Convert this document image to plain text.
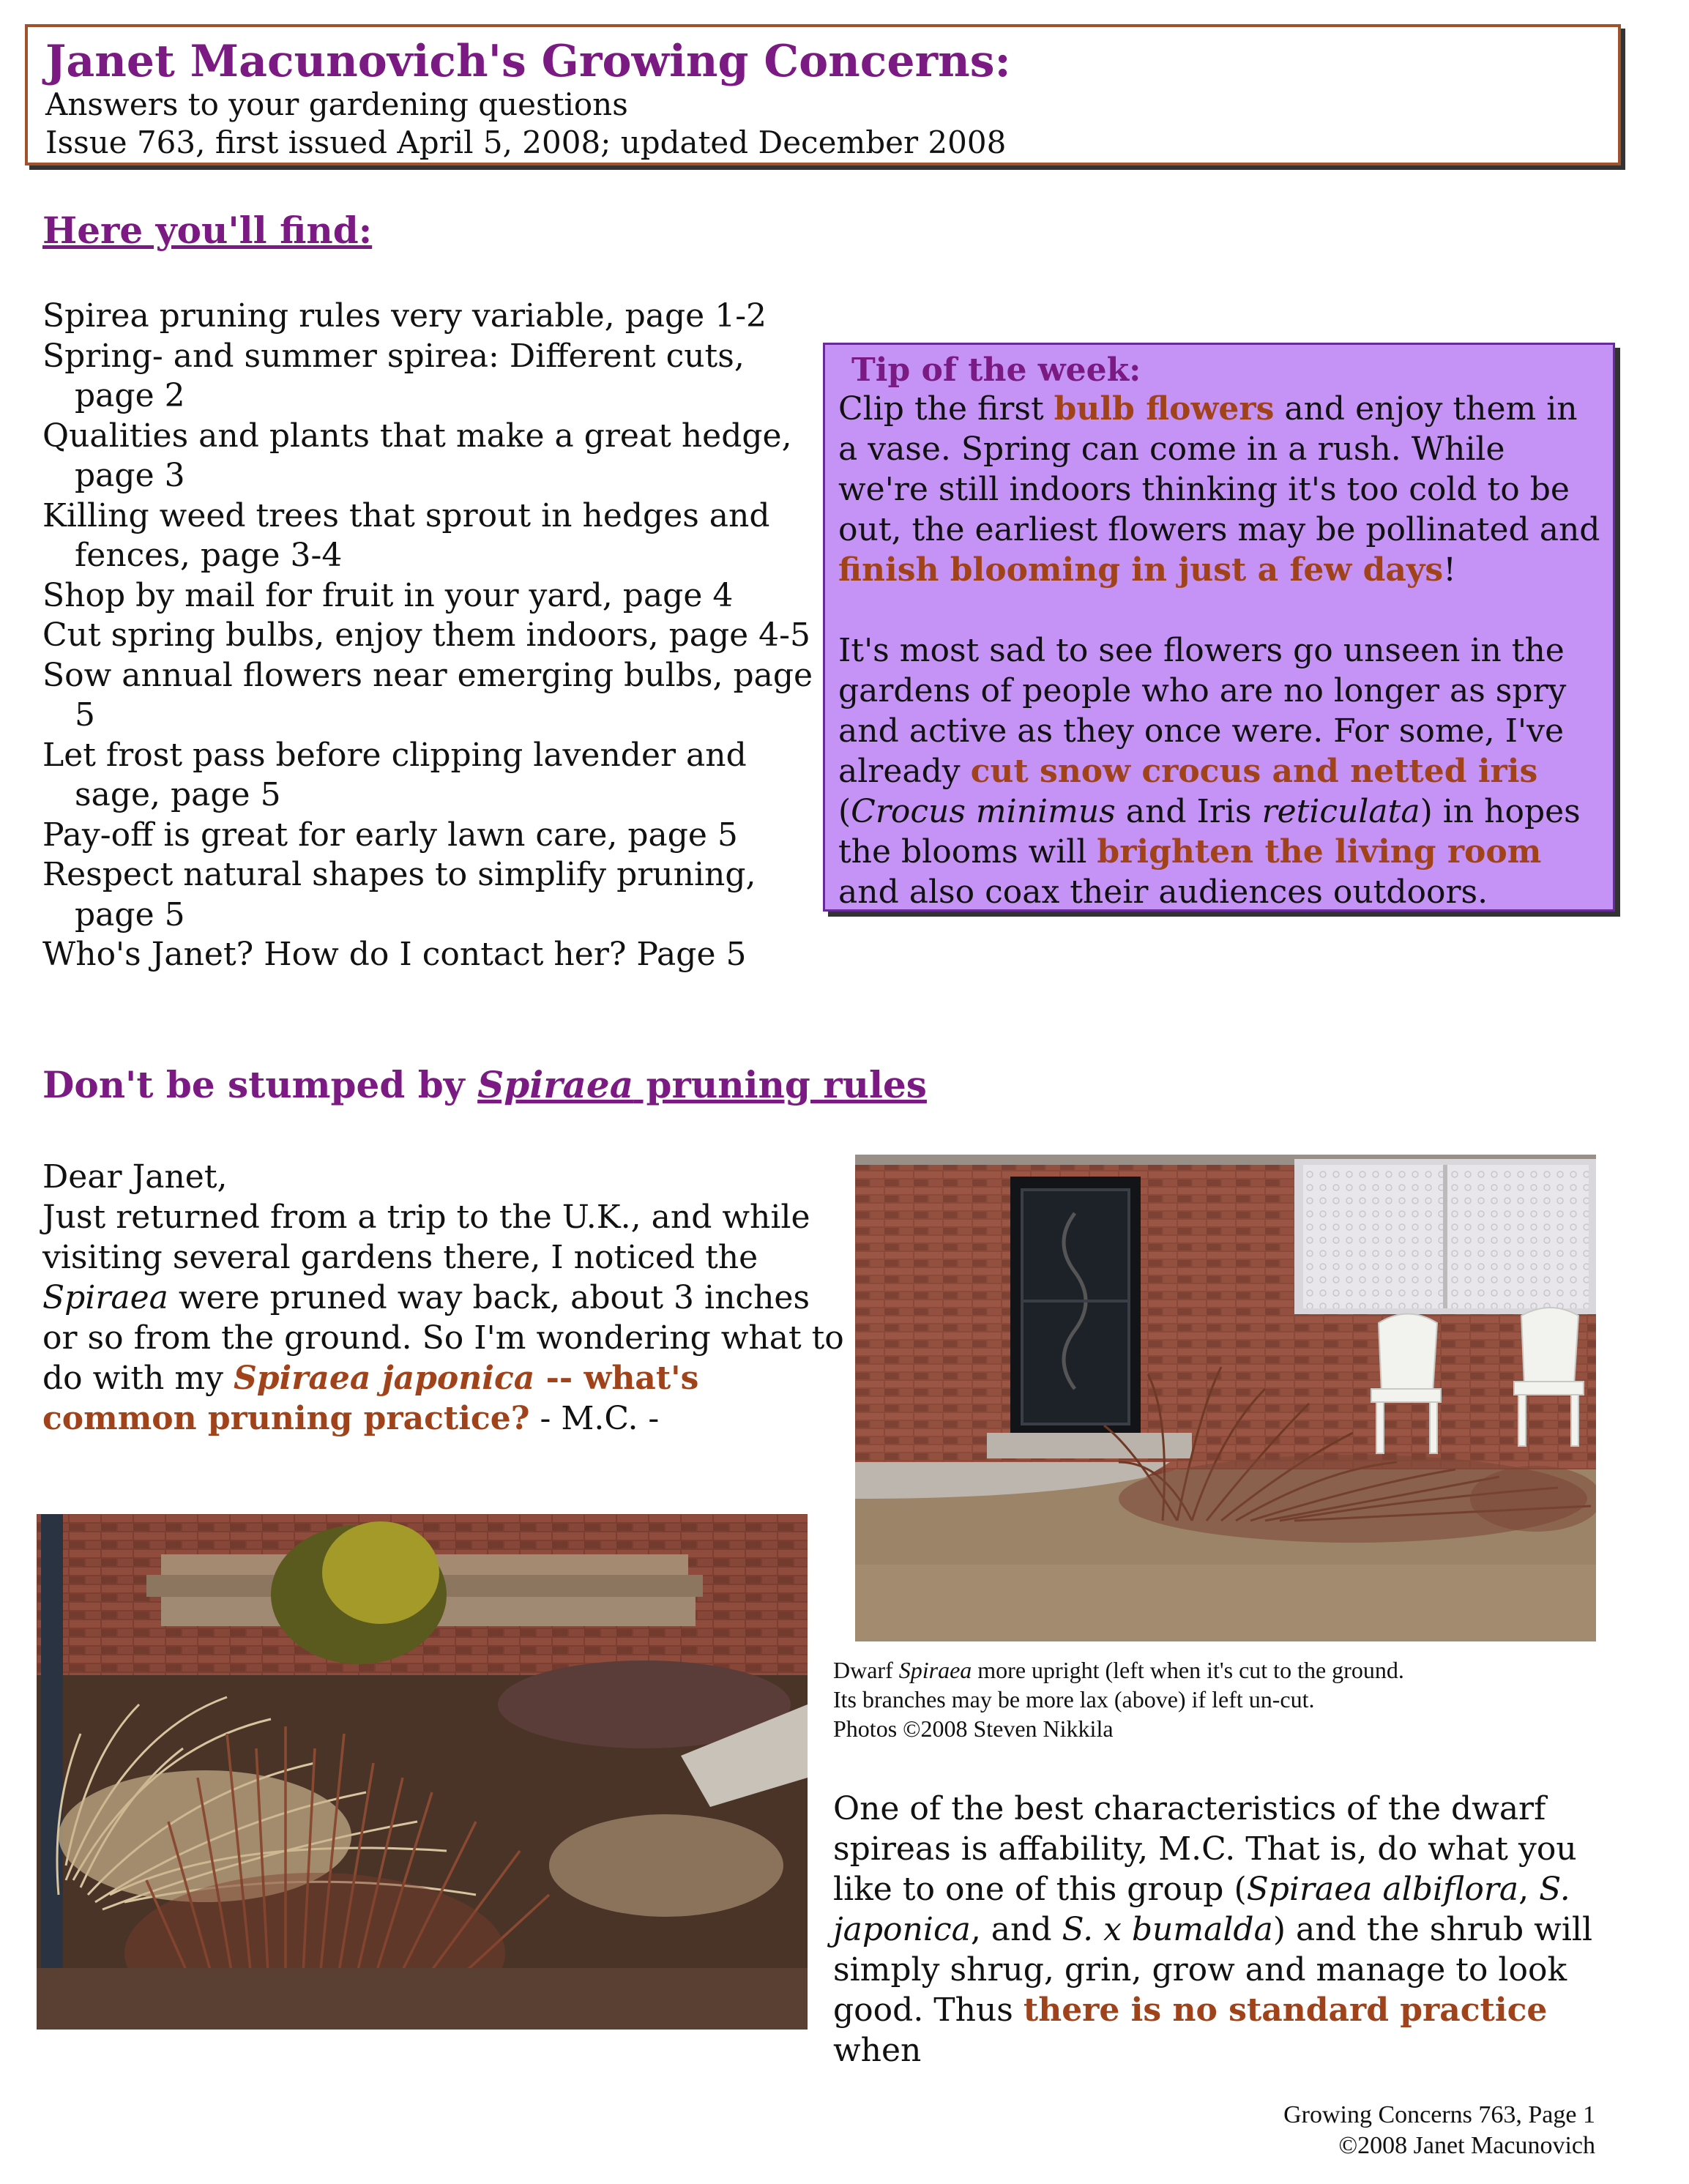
Janet Macunovich's Growing Concerns:
Answers to your gardening questions
Issue 763, first issued April 5, 2008; updated December 2008
Here you'll find:
Spirea pruning rules very variable, page 1-2
Spring- and summer spirea: Different cuts, page 2
Qualities and plants that make a great hedge, page 3
Killing weed trees that sprout in hedges and fences, page 3-4
Shop by mail for fruit in your yard, page 4
Cut spring bulbs, enjoy them indoors, page 4-5
Sow annual flowers near emerging bulbs, page 5
Let frost pass before clipping lavender and sage, page 5
Pay-off is great for early lawn care, page 5
Respect natural shapes to simplify pruning, page 5
Who's Janet? How do I contact her? Page 5
Tip of the week:
Clip the first bulb flowers and enjoy them in a vase. Spring can come in a rush. While we're still indoors thinking it's too cold to be out, the earliest flowers may be pollinated and finish blooming in just a few days!
It's most sad to see flowers go unseen in the gardens of people who are no longer as spry and active as they once were. For some, I've already cut snow crocus and netted iris (Crocus minimus and Iris reticulata) in hopes the blooms will brighten the living room and also coax their audiences outdoors.
Don't be stumped by Spiraea pruning rules
Dear Janet,
Just returned from a trip to the U.K., and while visiting several gardens there, I noticed the Spiraea were pruned way back, about 3 inches or so from the ground. So I'm wondering what to do with my Spiraea japonica -- what's common pruning practice? - M.C. -
Dwarf Spiraea more upright (left when it's cut to the ground.
Its branches may be more lax (above) if left un-cut.
Photos ©2008 Steven Nikkila
One of the best characteristics of the dwarf spireas is affability, M.C. That is, do what you like to one of this group (Spiraea albiflora, S. japonica, and S. x bumalda) and the shrub will simply shrug, grin, grow and manage to look good. Thus there is no standard practice when
Growing Concerns 763, Page 1
©2008 Janet Macunovich
